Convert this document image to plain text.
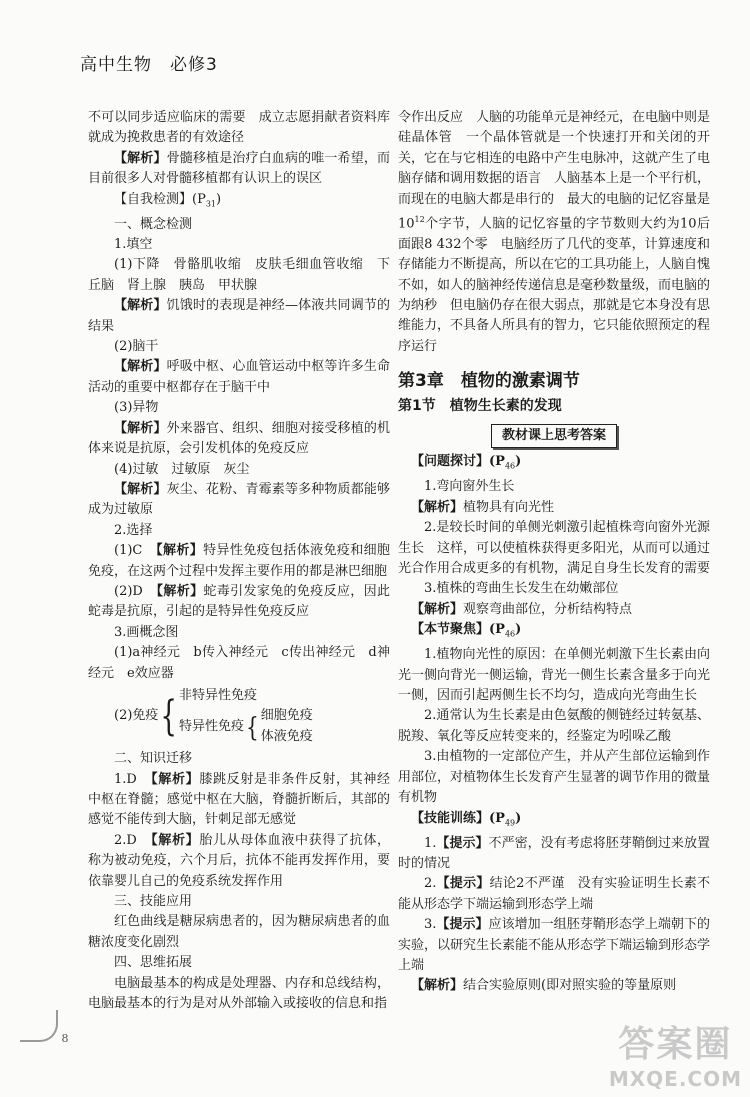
高中生物　必修3

不可以同步适应临床的需要　成立志愿捐献者资料库就成为挽救患者的有效途径

【解析】骨髓移植是治疗白血病的唯一希望，而目前很多人对骨髓移植都有认识上的误区

【自我检测】$(P_{31})$

一、概念检测

1.填空

(1)下降　骨骼肌收缩　皮肤毛细血管收缩　下丘脑　肾上腺　胰岛　甲状腺

【解析】饥饿时的表现是神经—体液共同调节的结果

(2)脑干

【解析】呼吸中枢、心血管运动中枢等许多生命活动的重要中枢都存在于脑干中

(3)异物

【解析】外来器官、组织、细胞对接受移植的机体来说是抗原，会引发机体的免疫反应

(4)过敏　过敏原　灰尘

【解析】灰尘、花粉、青霉素等多种物质都能够成为过敏原

2.选择

(1)C　【解析】特异性免疫包括体液免疫和细胞免疫，在这两个过程中发挥主要作用的都是淋巴细胞

(2)D　【解析】蛇毒引发家兔的免疫反应，因此蛇毒是抗原，引起的是特异性免疫反应

3.画概念图

(1)a神经元　b传入神经元　c传出神经元　d神经元　e效应器

(2)免疫 { 非特异性免疫
特异性免疫 { 细胞免疫
体液免疫

二、知识迁移

1.D　【解析】膝跳反射是非条件反射，其神经中枢在脊髓；感觉中枢在大脑，脊髓折断后，其部的感觉不能传到大脑，针刺足部无感觉

2.D　【解析】胎儿从母体血液中获得了抗体，称为被动免疫，六个月后，抗体不能再发挥作用，要依靠婴儿自己的免疫系统发挥作用

三、技能应用

红色曲线是糖尿病患者的，因为糖尿病患者的血糖浓度变化剧烈

四、思维拓展

电脑最基本的构成是处理器、内存和总线结构，电脑最基本的行为是对从外部输入或接收的信息和指

令作出反应　人脑的功能单元是神经元，在电脑中则是硅晶体管　一个晶体管就是一个快速打开和关闭的开关，它在与它相连的电路中产生电脉冲，这就产生了电脑存储和调用数据的语言　人脑基本上是一个平行机，而现在的电脑大都是串行的　最大的电脑的记忆容量是$10^{12}$个字节，人脑的记忆容量的字节数则大约为10后面跟8 432个零　电脑经历了几代的变革，计算速度和存储能力不断提高，所以在它的工具功能上，人脑自愧不如，如人的脑神经传递信息是毫秒数量级，而电脑的为纳秒　但电脑仍存在很大弱点，那就是它本身没有思维能力，不具备人所具有的智力，它只能依照预定的程序运行

第3章　植物的激素调节

第1节　植物生长素的发现

教材课上思考答案

【问题探讨】$(P_{46})$

1.弯向窗外生长

【解析】植物具有向光性

2.是较长时间的单侧光刺激引起植株弯向窗外光源生长　这样，可以使植株获得更多阳光，从而可以通过光合作用合成更多的有机物，满足自身生长发育的需要

3.植株的弯曲生长发生在幼嫩部位

【解析】观察弯曲部位，分析结构特点

【本节聚焦】$(P_{46})$

1.植物向光性的原因：在单侧光刺激下生长素由向光一侧向背光一侧运输，背光一侧生长素含量多于向光一侧，因而引起两侧生长不均匀，造成向光弯曲生长

2.通常认为生长素是由色氨酸的侧链经过转氨基、脱羧、氧化等反应转变来的，经鉴定为吲哚乙酸

3.由植物的一定部位产生，并从产生部位运输到作用部位，对植物体生长发育产生显著的调节作用的微量有机物

【技能训练】$(P_{49})$

1.【提示】不严密，没有考虑将胚芽鞘倒过来放置时的情况

2.【提示】结论2不严谨　没有实验证明生长素不能从形态学下端运输到形态学上端

3.【提示】应该增加一组胚芽鞘形态学上端朝下的实验，以研究生长素能不能从形态学下端运输到形态学上端

【解析】结合实验原则(即对照实验的等量原则

8	答案圈
MXQE.COM
